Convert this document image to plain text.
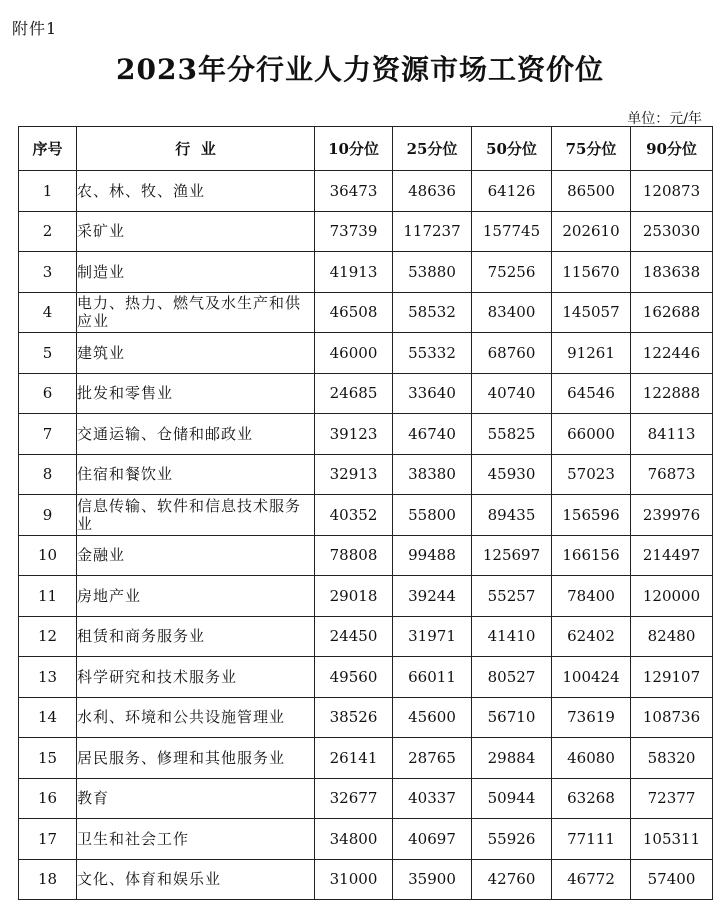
附件1
2023年分行业人力资源市场工资价位
单位：元/年
序号	行  业	10分位	25分位	50分位	75分位	90分位
1	农、林、牧、渔业	36473	48636	64126	86500	120873
2	采矿业	73739	117237	157745	202610	253030
3	制造业	41913	53880	75256	115670	183638
4	电力、热力、燃气及水生产和供应业	46508	58532	83400	145057	162688
5	建筑业	46000	55332	68760	91261	122446
6	批发和零售业	24685	33640	40740	64546	122888
7	交通运输、仓储和邮政业	39123	46740	55825	66000	84113
8	住宿和餐饮业	32913	38380	45930	57023	76873
9	信息传输、软件和信息技术服务业	40352	55800	89435	156596	239976
10	金融业	78808	99488	125697	166156	214497
11	房地产业	29018	39244	55257	78400	120000
12	租赁和商务服务业	24450	31971	41410	62402	82480
13	科学研究和技术服务业	49560	66011	80527	100424	129107
14	水利、环境和公共设施管理业	38526	45600	56710	73619	108736
15	居民服务、修理和其他服务业	26141	28765	29884	46080	58320
16	教育	32677	40337	50944	63268	72377
17	卫生和社会工作	34800	40697	55926	77111	105311
18	文化、体育和娱乐业	31000	35900	42760	46772	57400
